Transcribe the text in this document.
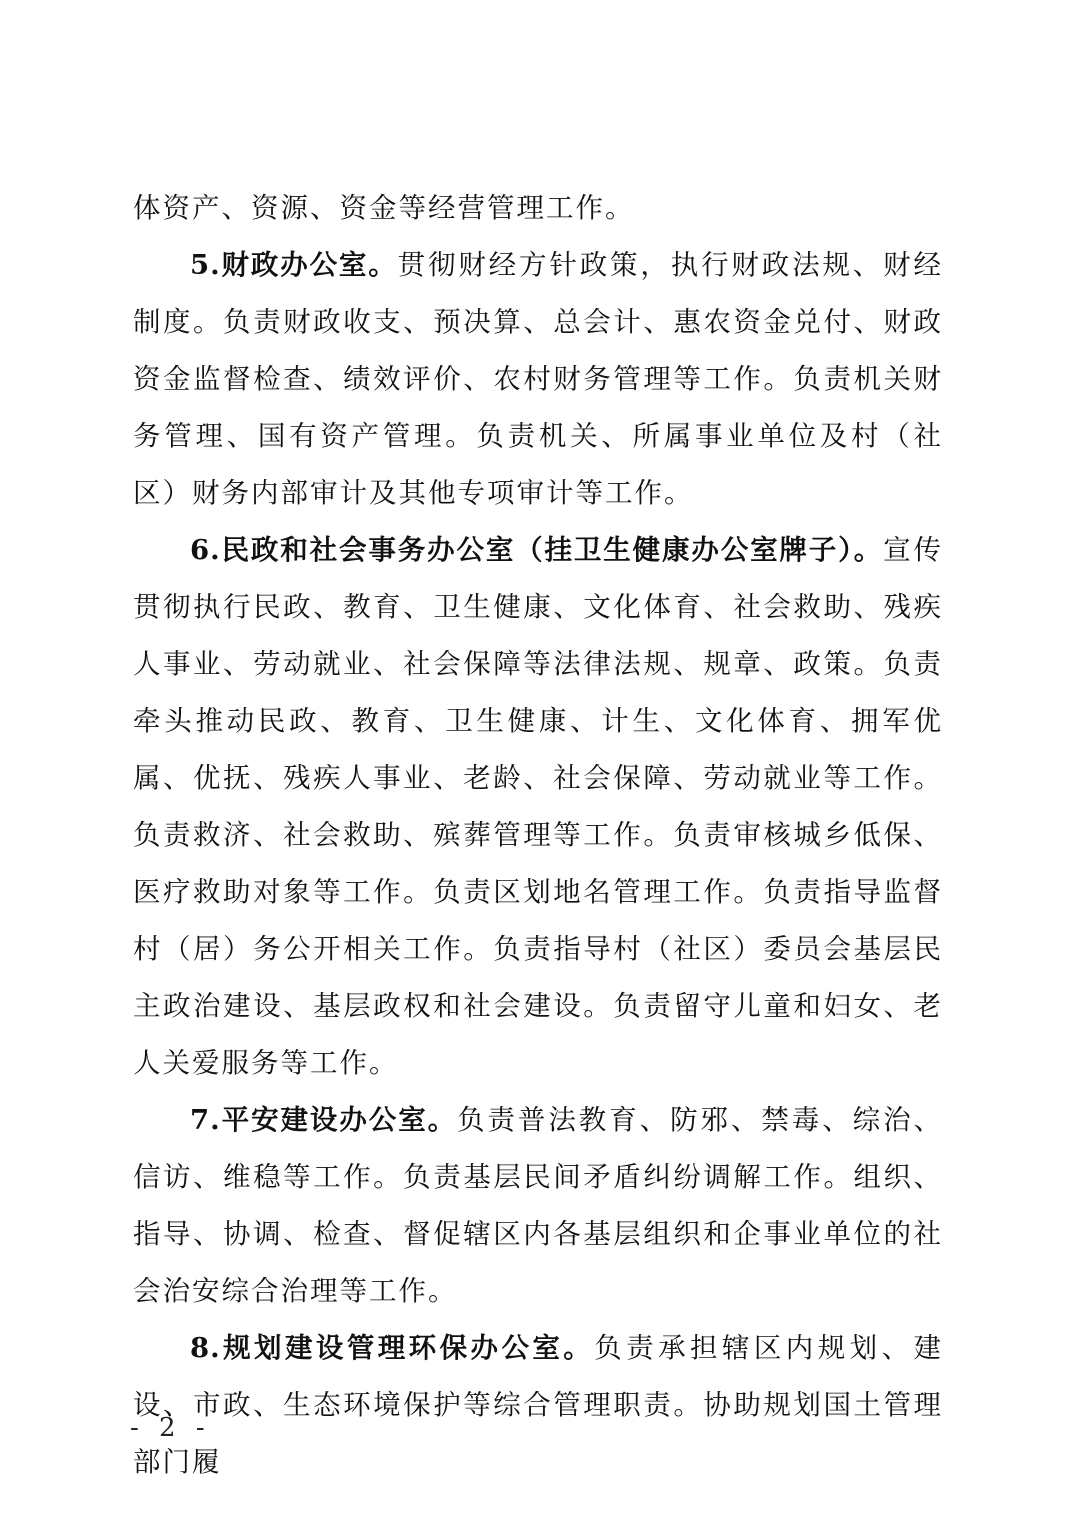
体资产、资源、资金等经营管理工作。

5.财政办公室。贯彻财经方针政策，执行财政法规、财经制度。负责财政收支、预决算、总会计、惠农资金兑付、财政资金监督检查、绩效评价、农村财务管理等工作。负责机关财务管理、国有资产管理。负责机关、所属事业单位及村（社区）财务内部审计及其他专项审计等工作。

6.民政和社会事务办公室（挂卫生健康办公室牌子）。宣传贯彻执行民政、教育、卫生健康、文化体育、社会救助、残疾人事业、劳动就业、社会保障等法律法规、规章、政策。负责牵头推动民政、教育、卫生健康、计生、文化体育、拥军优属、优抚、残疾人事业、老龄、社会保障、劳动就业等工作。负责救济、社会救助、殡葬管理等工作。负责审核城乡低保、医疗救助对象等工作。负责区划地名管理工作。负责指导监督村（居）务公开相关工作。负责指导村（社区）委员会基层民主政治建设、基层政权和社会建设。负责留守儿童和妇女、老人关爱服务等工作。

7.平安建设办公室。负责普法教育、防邪、禁毒、综治、信访、维稳等工作。负责基层民间矛盾纠纷调解工作。组织、指导、协调、检查、督促辖区内各基层组织和企事业单位的社会治安综合治理等工作。

8.规划建设管理环保办公室。负责承担辖区内规划、建设、市政、生态环境保护等综合管理职责。协助规划国土管理部门履

- 2 -
